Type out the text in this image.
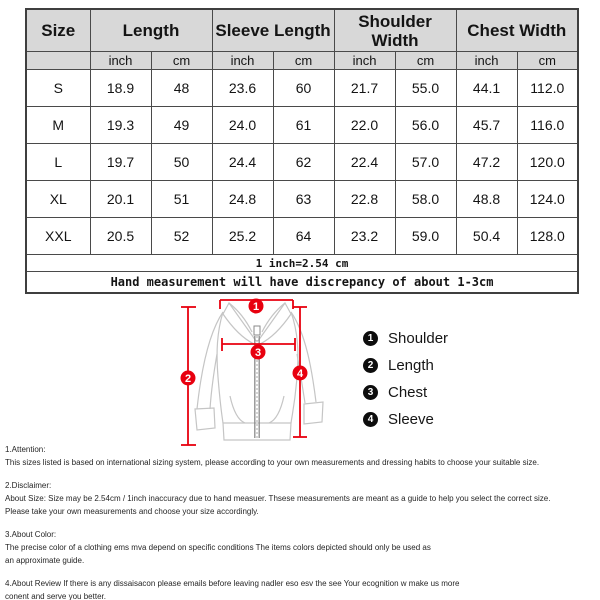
Size	Length		Sleeve Length		Shoulder Width		Chest Width	
	inch	cm	inch	cm	inch	cm	inch	cm
S	18.9	48	23.6	60	21.7	55.0	44.1	112.0
M	19.3	49	24.0	61	22.0	56.0	45.7	116.0
L	19.7	50	24.4	62	22.4	57.0	47.2	120.0
XL	20.1	51	24.8	63	22.8	58.0	48.8	124.0
XXL	20.5	52	25.2	64	23.2	59.0	50.4	128.0
1 inch=2.54 cm								
Hand measurement will have discrepancy of about 1-3cm								
1
2
3
4
1 Shoulder
2 Length
3 Chest
4 Sleeve
1.Attention:
This sizes listed is based on international sizing system, please according to your own measurements and dressing habits to choose your suitable size.
2.Disclaimer:
About Size: Size may be 2.54cm / 1inch inaccuracy due to hand measuer. Thsese measurements are meant as a guide to help you select the correct size.
Please take your own measurements and choose your size accordingly.
3.About Color:
The precise color of a clothing ems mva depend on specific conditions The items colors depicted should only be used as
an approximate guide.
4.About Review If there is any dissaisacon please emails before leaving nadler eso esv the see Your ecognition w make us more
conent and serve you better.
